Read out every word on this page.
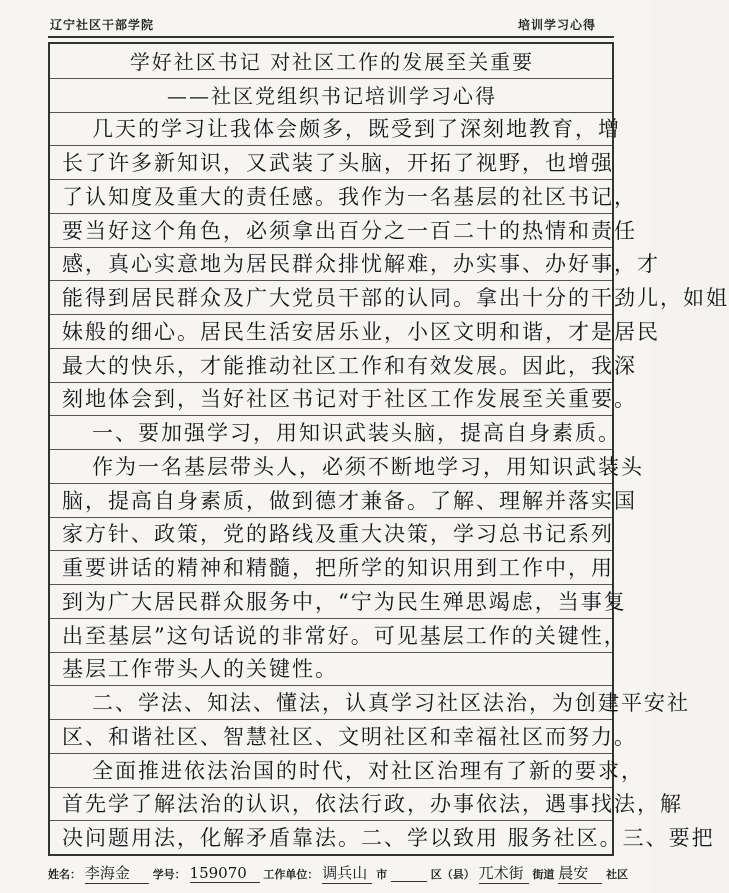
辽宁社区干部学院	培训学习心得
学好社区书记 对社区工作的发展至关重要
——社区党组织书记培训学习心得
几天的学习让我体会颇多，既受到了深刻地教育，增
长了许多新知识，又武装了头脑，开拓了视野，也增强
了认知度及重大的责任感。我作为一名基层的社区书记，
要当好这个角色，必须拿出百分之一百二十的热情和责任
感，真心实意地为居民群众排忧解难，办实事、办好事，才
能得到居民群众及广大党员干部的认同。拿出十分的干劲儿，如姐
妹般的细心。居民生活安居乐业，小区文明和谐，才是居民
最大的快乐，才能推动社区工作和有效发展。因此，我深
刻地体会到，当好社区书记对于社区工作发展至关重要。
一、要加强学习，用知识武装头脑，提高自身素质。
作为一名基层带头人，必须不断地学习，用知识武装头
脑，提高自身素质，做到德才兼备。了解、理解并落实国
家方针、政策，党的路线及重大决策，学习总书记系列
重要讲话的精神和精髓，把所学的知识用到工作中，用
到为广大居民群众服务中，“宁为民生殚思竭虑，当事复
出至基层”这句话说的非常好。可见基层工作的关键性，
基层工作带头人的关键性。
二、学法、知法、懂法，认真学习社区法治，为创建平安社
区、和谐社区、智慧社区、文明社区和幸福社区而努力。
全面推进依法治国的时代，对社区治理有了新的要求，
首先学了解法治的认识，依法行政，办事依法，遇事找法，解
决问题用法，化解矛盾靠法。二、学以致用 服务社区。三、要把
姓名： 李海金 学号： 159070 工作单位： 调兵山 市	区（县） 兀术街 街道 晨安 社区
